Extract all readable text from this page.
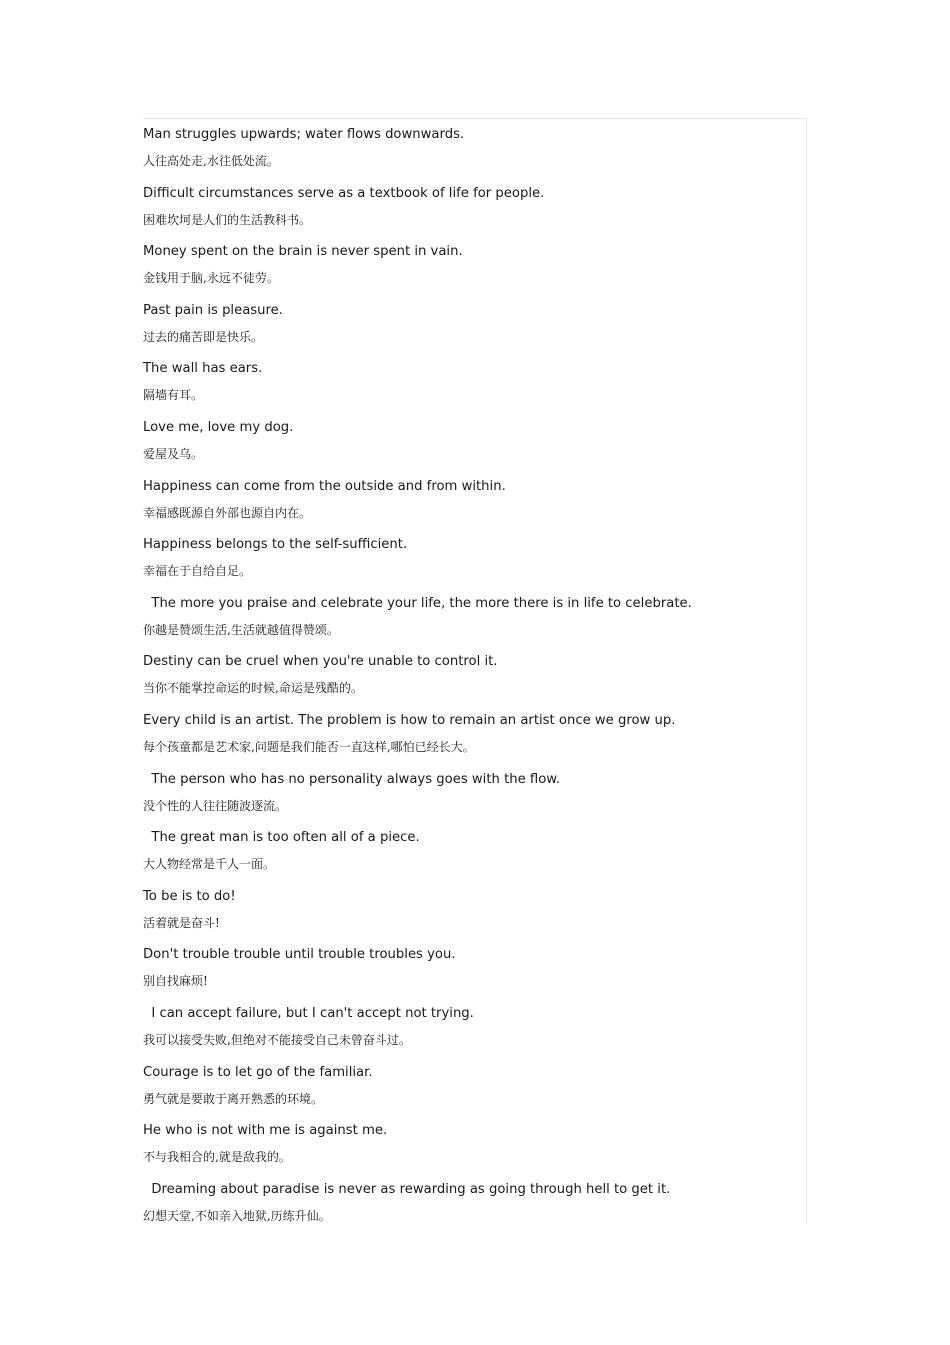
Man struggles upwards; water flows downwards.
人往高处走,水往低处流。
Difficult circumstances serve as a textbook of life for people.
困难坎坷是人们的生活教科书。
Money spent on the brain is never spent in vain.
金钱用于脑,永远不徒劳。
Past pain is pleasure.
过去的痛苦即是快乐。
The wall has ears.
隔墙有耳。
Love me, love my dog.
爱屋及乌。
Happiness can come from the outside and from within.
幸福感既源自外部也源自内在。
Happiness belongs to the self-sufficient.
幸福在于自给自足。
The more you praise and celebrate your life, the more there is in life to celebrate.
你越是赞颂生活,生活就越值得赞颂。
Destiny can be cruel when you're unable to control it.
当你不能掌控命运的时候,命运是残酷的。
Every child is an artist. The problem is how to remain an artist once we grow up.
每个孩童都是艺术家,问题是我们能否一直这样,哪怕已经长大。
The person who has no personality always goes with the flow.
没个性的人往往随波逐流。
The great man is too often all of a piece.
大人物经常是千人一面。
To be is to do!
活着就是奋斗!
Don't trouble trouble until trouble troubles you.
别自找麻烦!
I can accept failure, but I can't accept not trying.
我可以接受失败,但绝对不能接受自己未曾奋斗过。
Courage is to let go of the familiar.
勇气就是要敢于离开熟悉的环境。
He who is not with me is against me.
不与我相合的,就是敌我的。
Dreaming about paradise is never as rewarding as going through hell to get it.
幻想天堂,不如亲入地狱,历练升仙。
